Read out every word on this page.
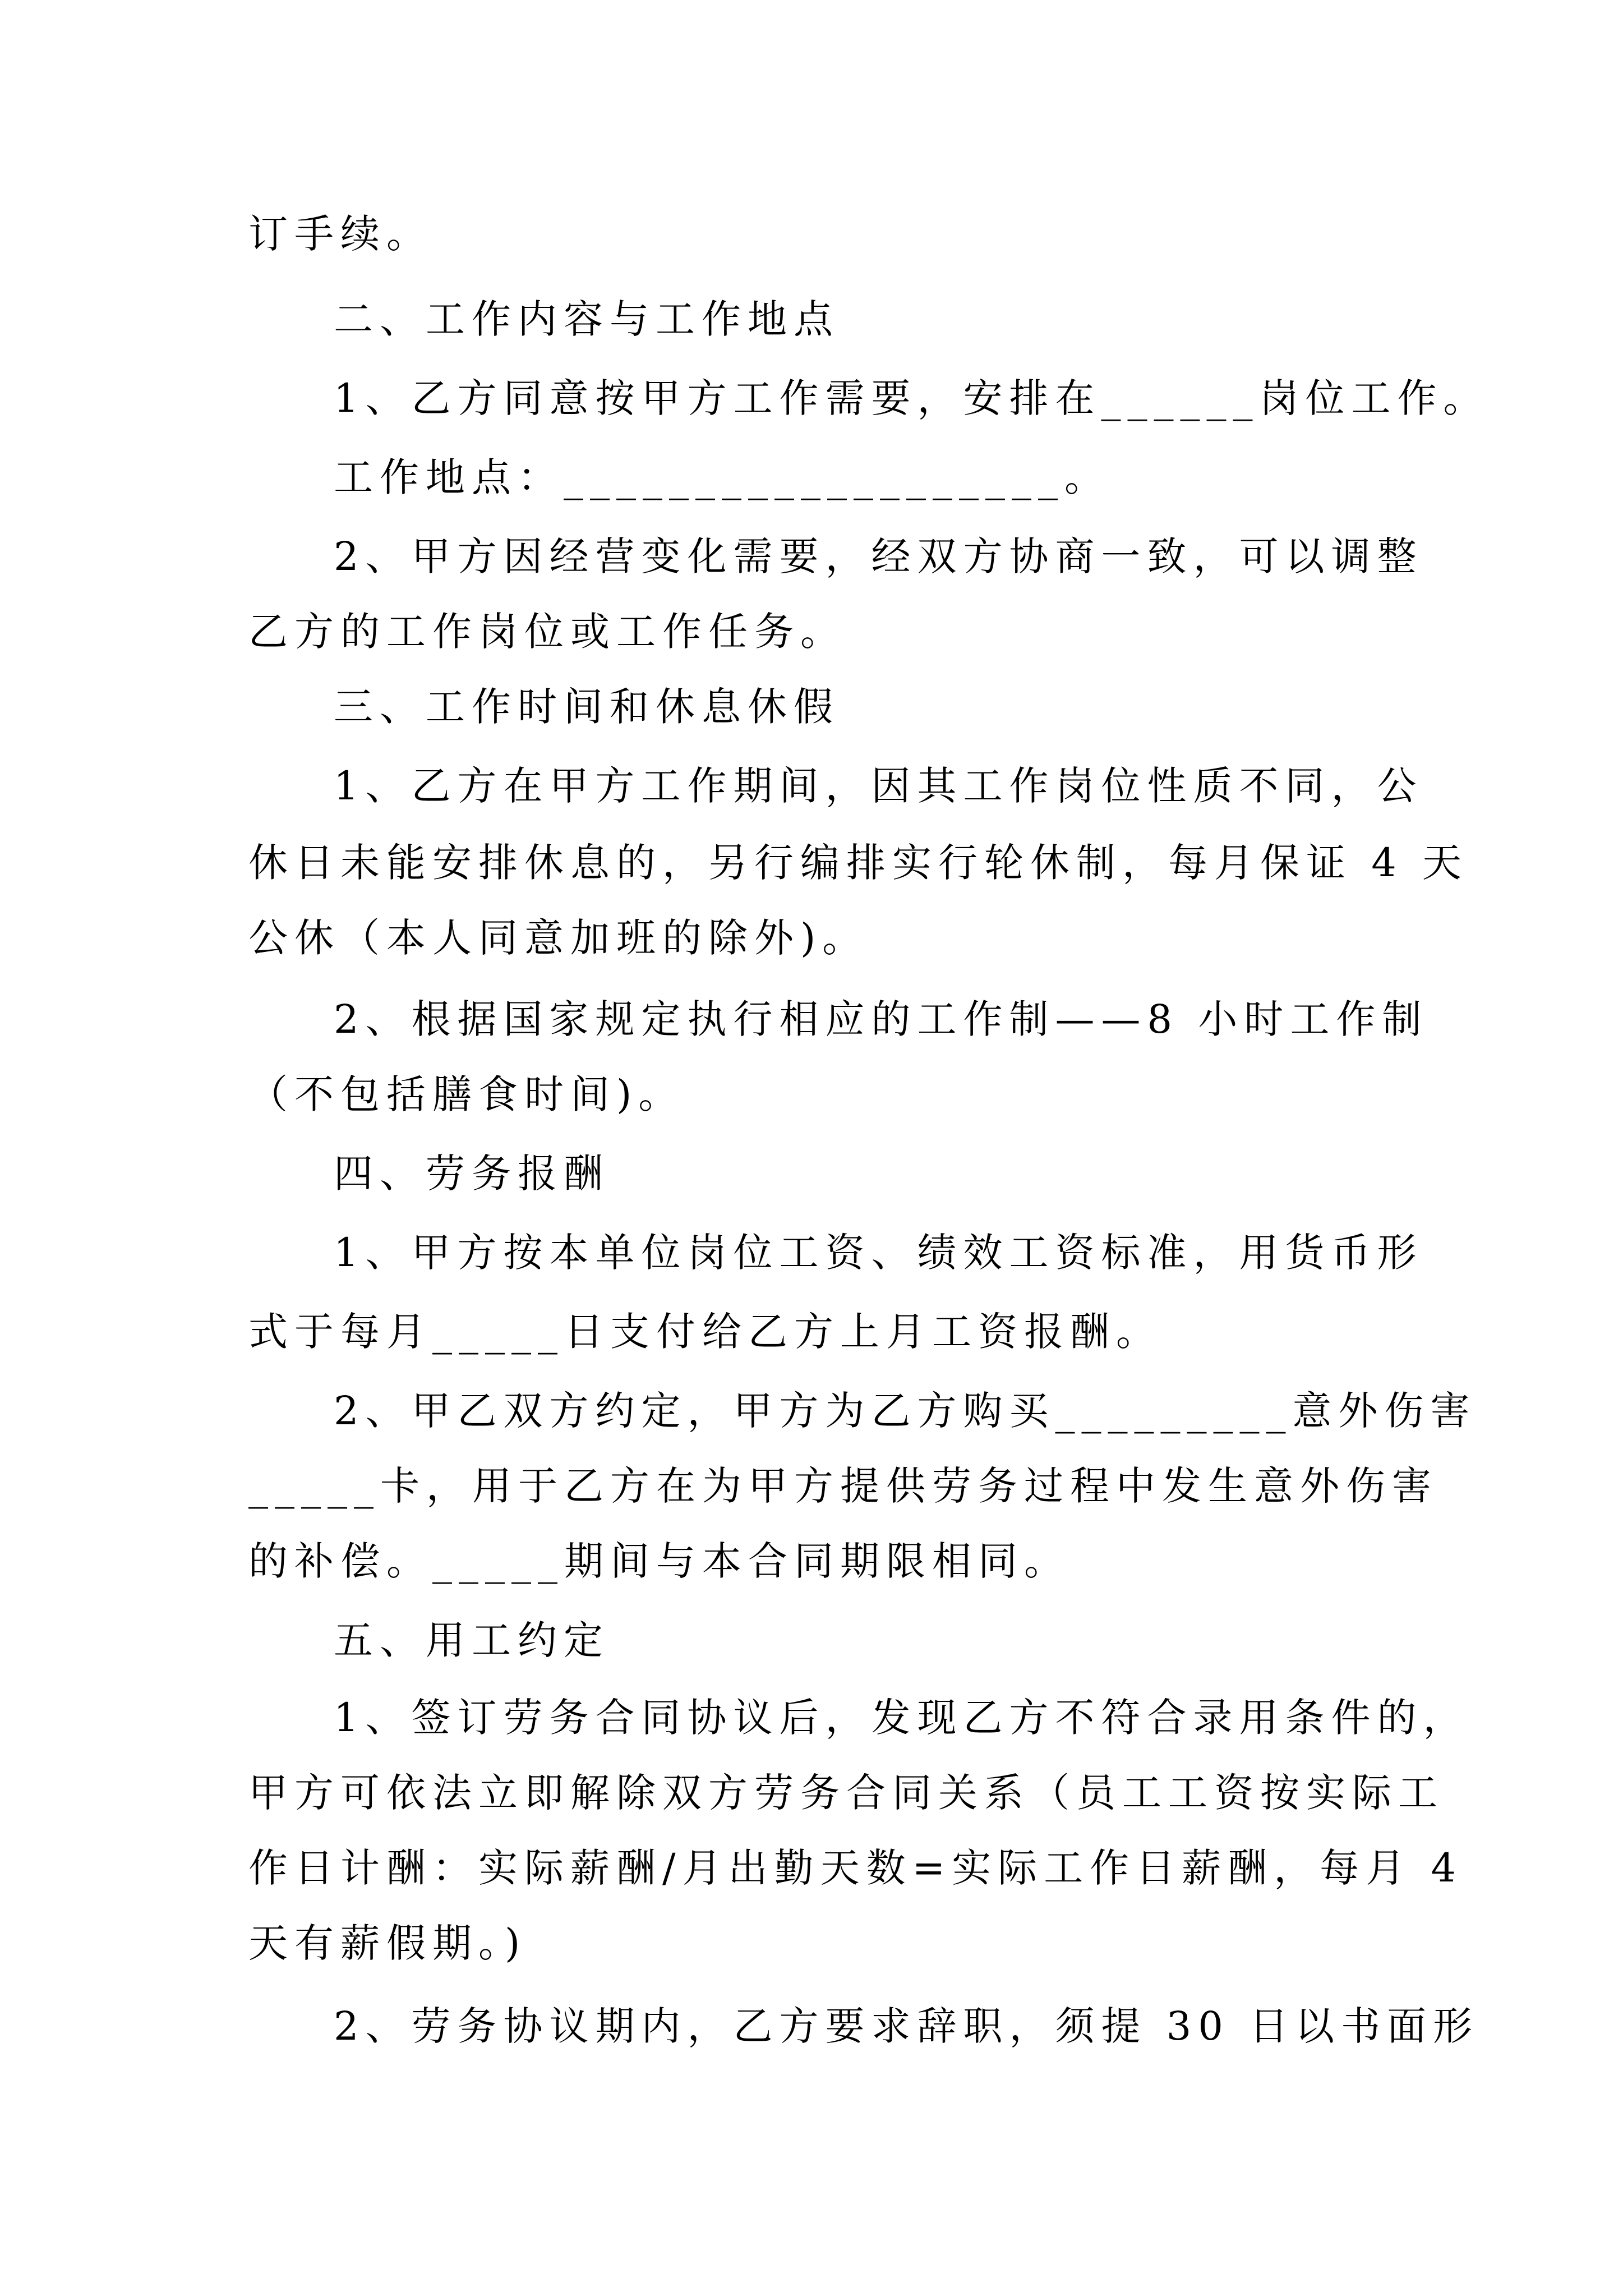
订手续。
二、工作内容与工作地点
1、乙方同意按甲方工作需要，安排在______岗位工作。
工作地点：___________________。
2、甲方因经营变化需要，经双方协商一致，可以调整
乙方的工作岗位或工作任务。
三、工作时间和休息休假
1、乙方在甲方工作期间，因其工作岗位性质不同，公
休日未能安排休息的，另行编排实行轮休制，每月保证 4 天
公休（本人同意加班的除外)。
2、根据国家规定执行相应的工作制——8 小时工作制
（不包括膳食时间)。
四、劳务报酬
1、甲方按本单位岗位工资、绩效工资标准，用货币形
式于每月_____日支付给乙方上月工资报酬。
2、甲乙双方约定，甲方为乙方购买_________意外伤害
_____卡，用于乙方在为甲方提供劳务过程中发生意外伤害
的补偿。_____期间与本合同期限相同。
五、用工约定
1、签订劳务合同协议后，发现乙方不符合录用条件的，
甲方可依法立即解除双方劳务合同关系（员工工资按实际工
作日计酬：实际薪酬/月出勤天数=实际工作日薪酬，每月 4
天有薪假期。)
2、劳务协议期内，乙方要求辞职，须提 30 日以书面形
